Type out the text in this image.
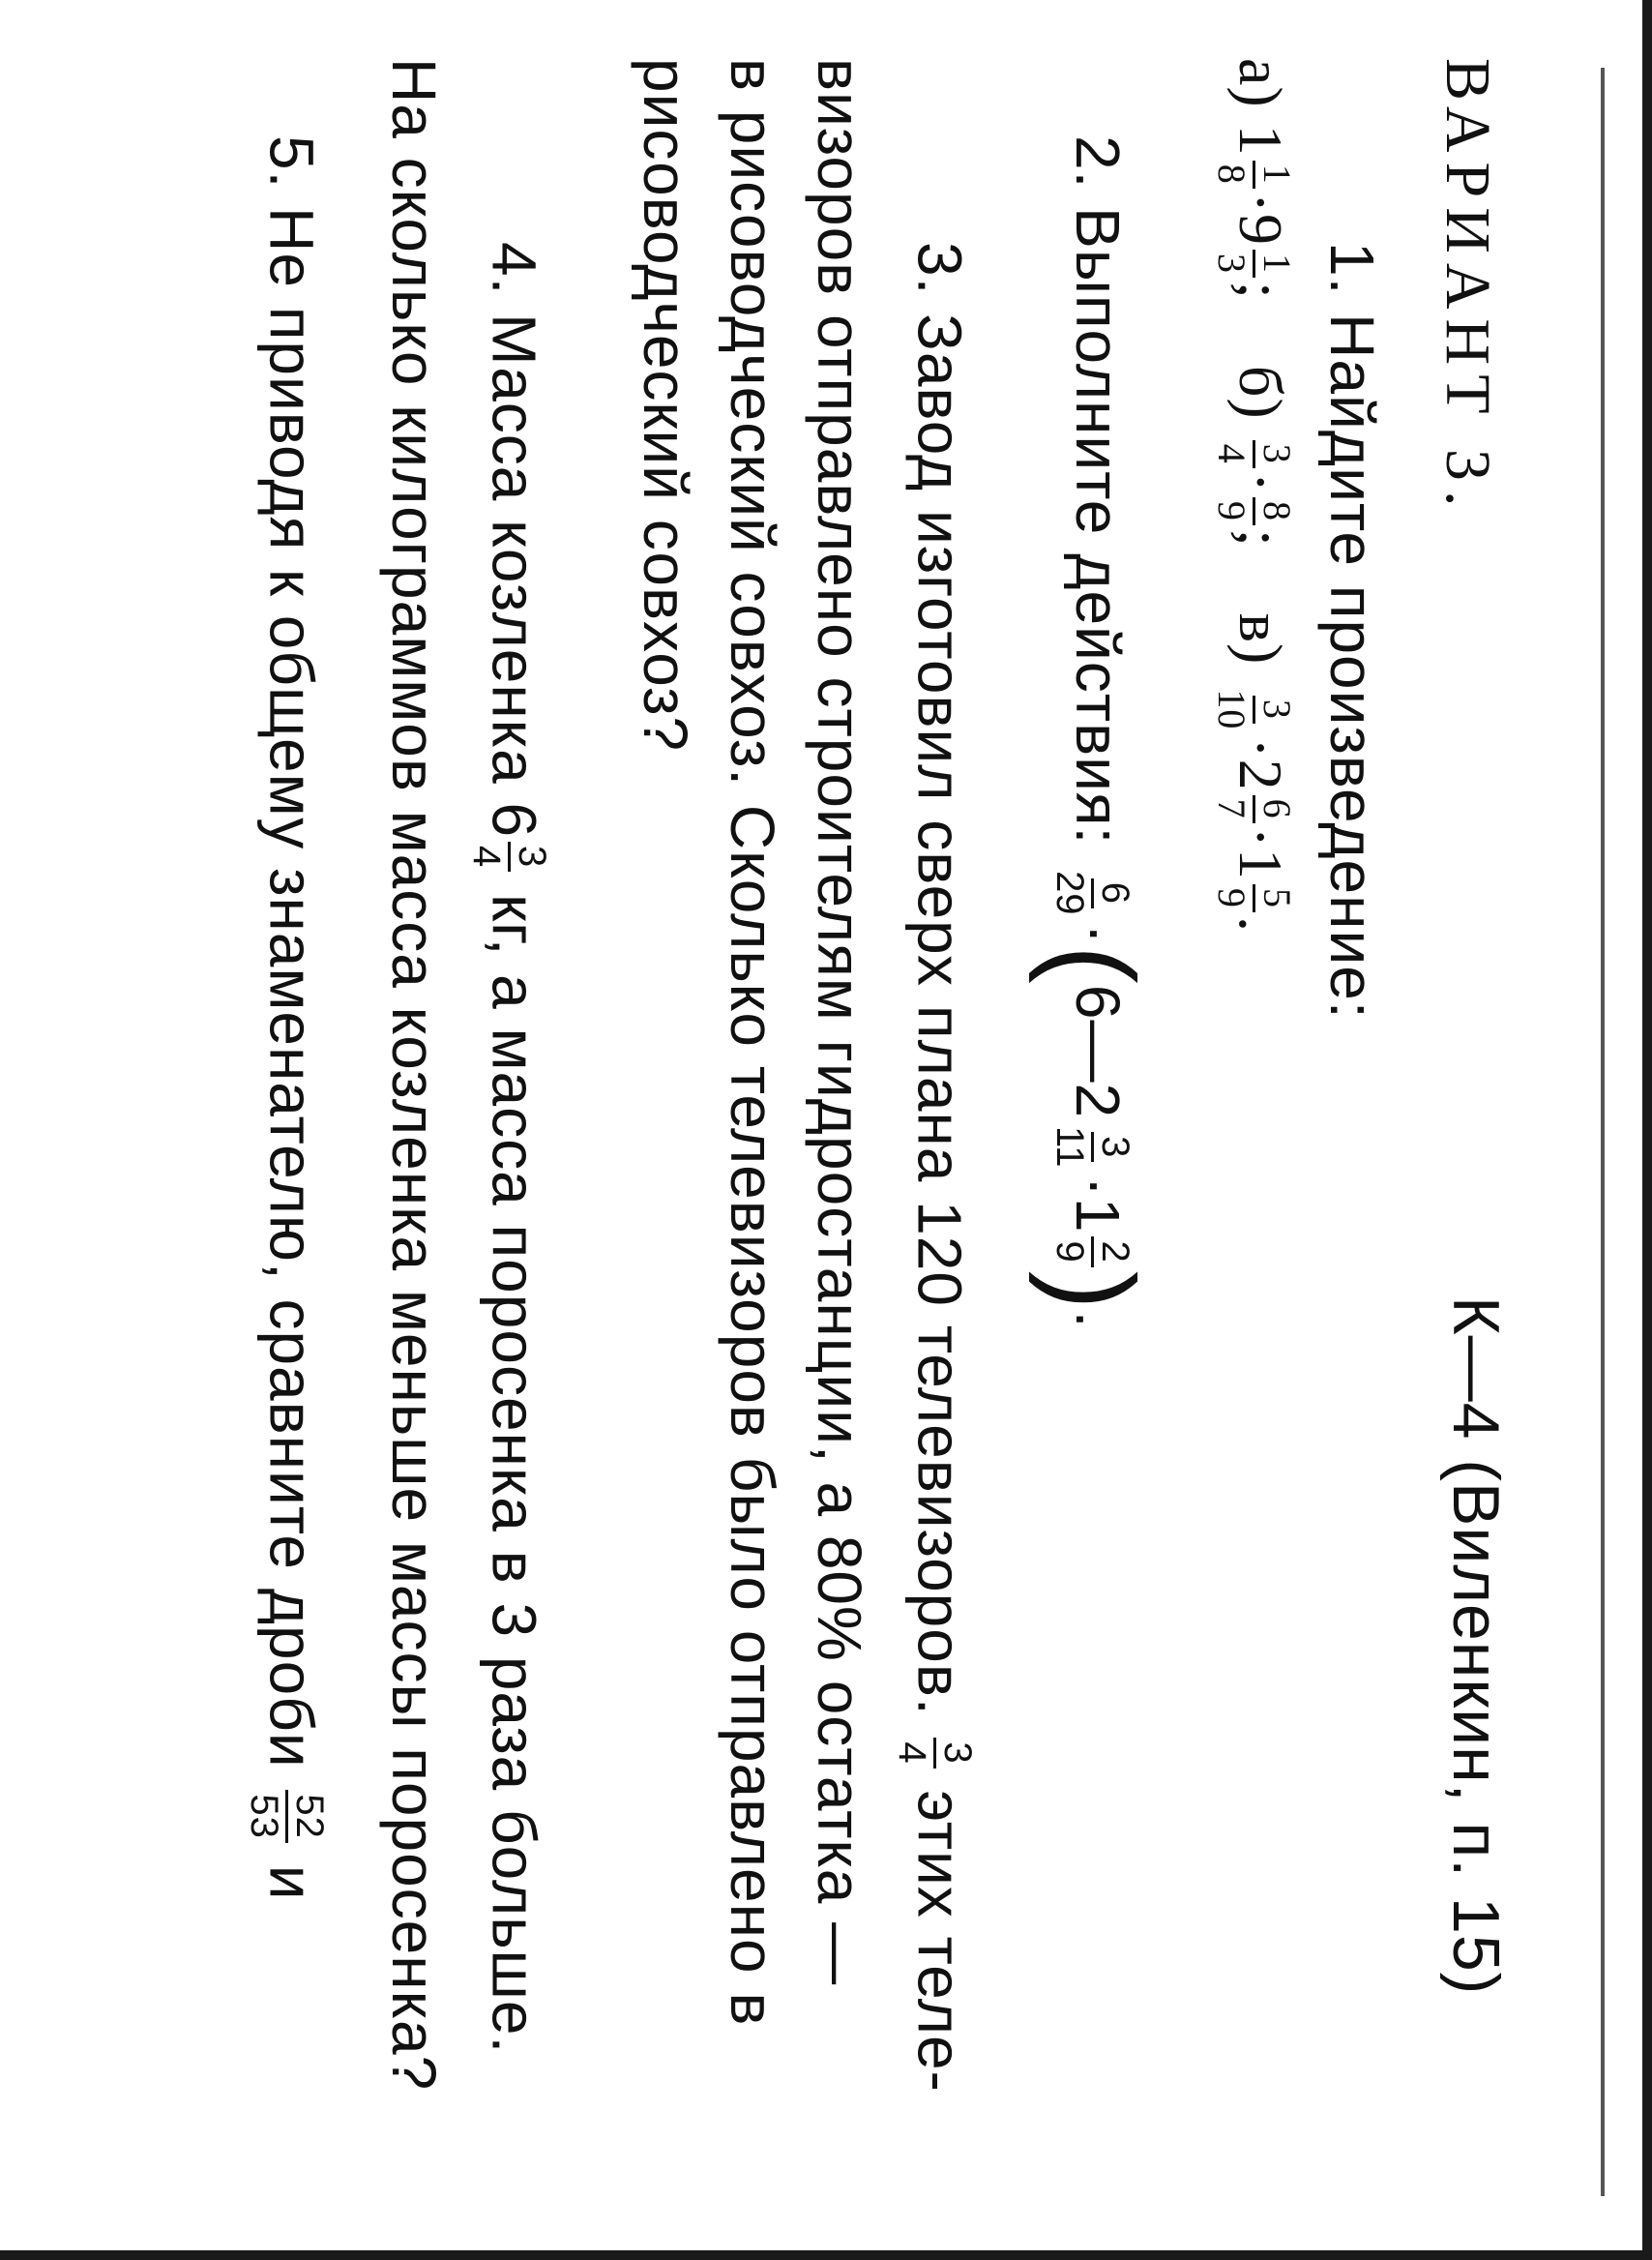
ВАРИАНТ 3.
К—4 (Виленкин, п. 15)
1. Найдите произведение:
а) 1
1
8
·9
1
3
;    б)
3
4
·
8
9
;    в)
3
10
·2
6
7
·1
5
9
.
2. Выполните действия:
6
29
·(6—2
3
11
·1
2
9
).
3. Завод изготовил сверх плана 120 телевизоров.
3
4
этих теле-
визоров отправлено строителям гидростанции, а 80% остатка —
в рисоводческий совхоз. Сколько телевизоров было отправлено в
рисоводческий совхоз?
4. Масса козленка 6
3
4
кг, а масса поросенка в 3 раза больше.
На сколько килограммов масса козленка меньше массы поросенка?
5. Не приводя к общему знаменателю, сравните дроби
52
53
и
